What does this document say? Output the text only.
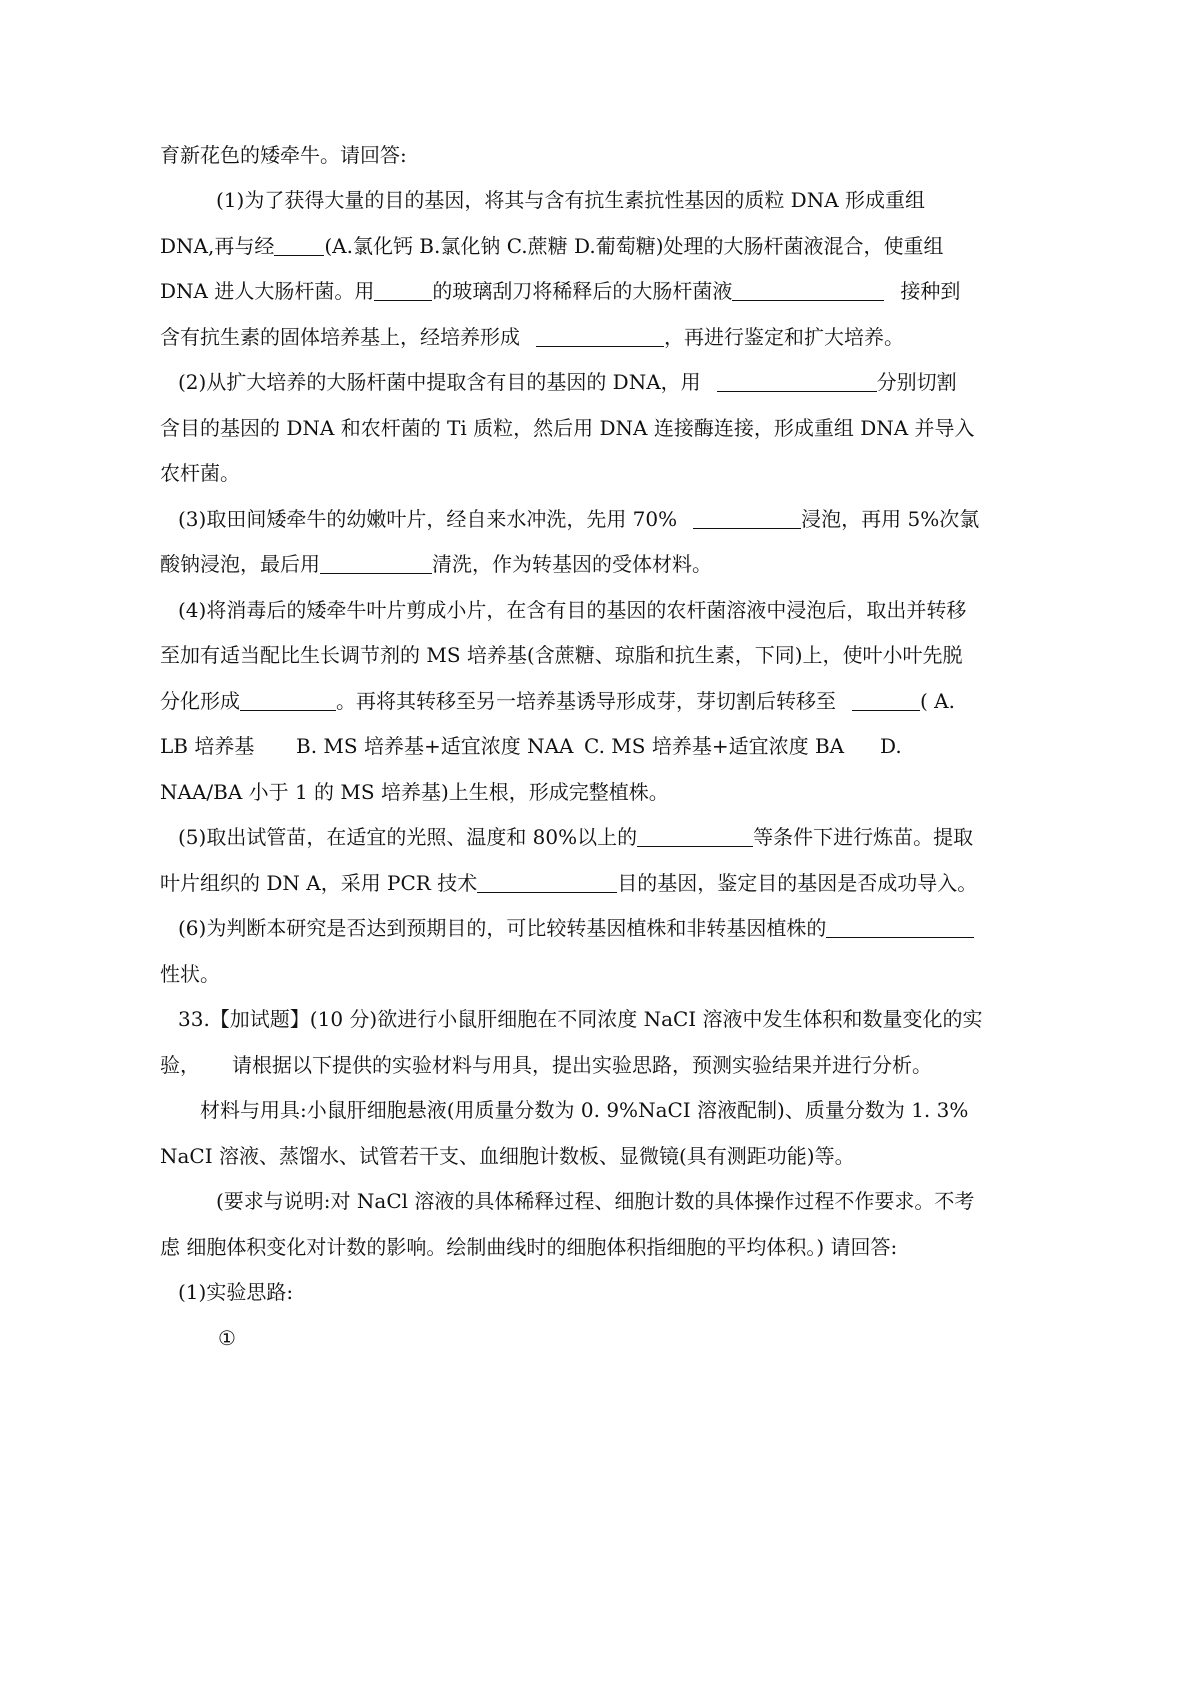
育新花色的矮牵牛。请回答:
(1)为了获得大量的目的基因，将其与含有抗生素抗性基因的质粒 DNA 形成重组
DNA,再与经	(A.氯化钙 B.氯化钠 C.蔗糖 D.葡萄糖)处理的大肠杆菌液混合，使重组
DNA 进人大肠杆菌。用	的玻璃刮刀将稀释后的大肠杆菌液	接种到
含有抗生素的固体培养基上，经培养形成	，再进行鉴定和扩大培养。
(2)从扩大培养的大肠杆菌中提取含有目的基因的 DNA，用	分别切割
含目的基因的 DNA 和农杆菌的 Ti 质粒，然后用 DNA 连接酶连接，形成重组 DNA 并导入
农杆菌。
(3)取田间矮牵牛的幼嫩叶片，经自来水冲洗，先用 70%	浸泡，再用 5%次氯
酸钠浸泡，最后用	清洗，作为转基因的受体材料。
(4)将消毒后的矮牵牛叶片剪成小片，在含有目的基因的农杆菌溶液中浸泡后，取出并转移
至加有适当配比生长调节剂的 MS 培养基(含蔗糖、琼脂和抗生素，下同)上，使叶小叶先脱
分化形成	。再将其转移至另一培养基诱导形成芽，芽切割后转移至	( A.
LB 培养基 B. MS 培养基+适宜浓度 NAA C. MS 培养基+适宜浓度 BA D.
NAA/BA 小于 1 的 MS 培养基)上生根，形成完整植株。
(5)取出试管苗，在适宜的光照、温度和 80%以上的	等条件下进行炼苗。提取
叶片组织的 DN A，采用 PCR 技术	目的基因，鉴定目的基因是否成功导入。
(6)为判断本研究是否达到预期目的，可比较转基因植株和非转基因植株的
性状。
33.【加试题】(10 分)欲进行小鼠肝细胞在不同浓度 NaCI 溶液中发生体积和数量变化的实
验， 请根据以下提供的实验材料与用具，提出实验思路，预测实验结果并进行分析。
材料与用具:小鼠肝细胞悬液(用质量分数为 0. 9%NaCI 溶液配制)、质量分数为 1. 3%
NaCI 溶液、蒸馏水、试管若干支、血细胞计数板、显微镜(具有测距功能)等。
(要求与说明:对 NaCl 溶液的具体稀释过程、细胞计数的具体操作过程不作要求。不考
虑 细胞体积变化对计数的影响。绘制曲线时的细胞体积指细胞的平均体积。) 请回答:
(1)实验思路:
①
